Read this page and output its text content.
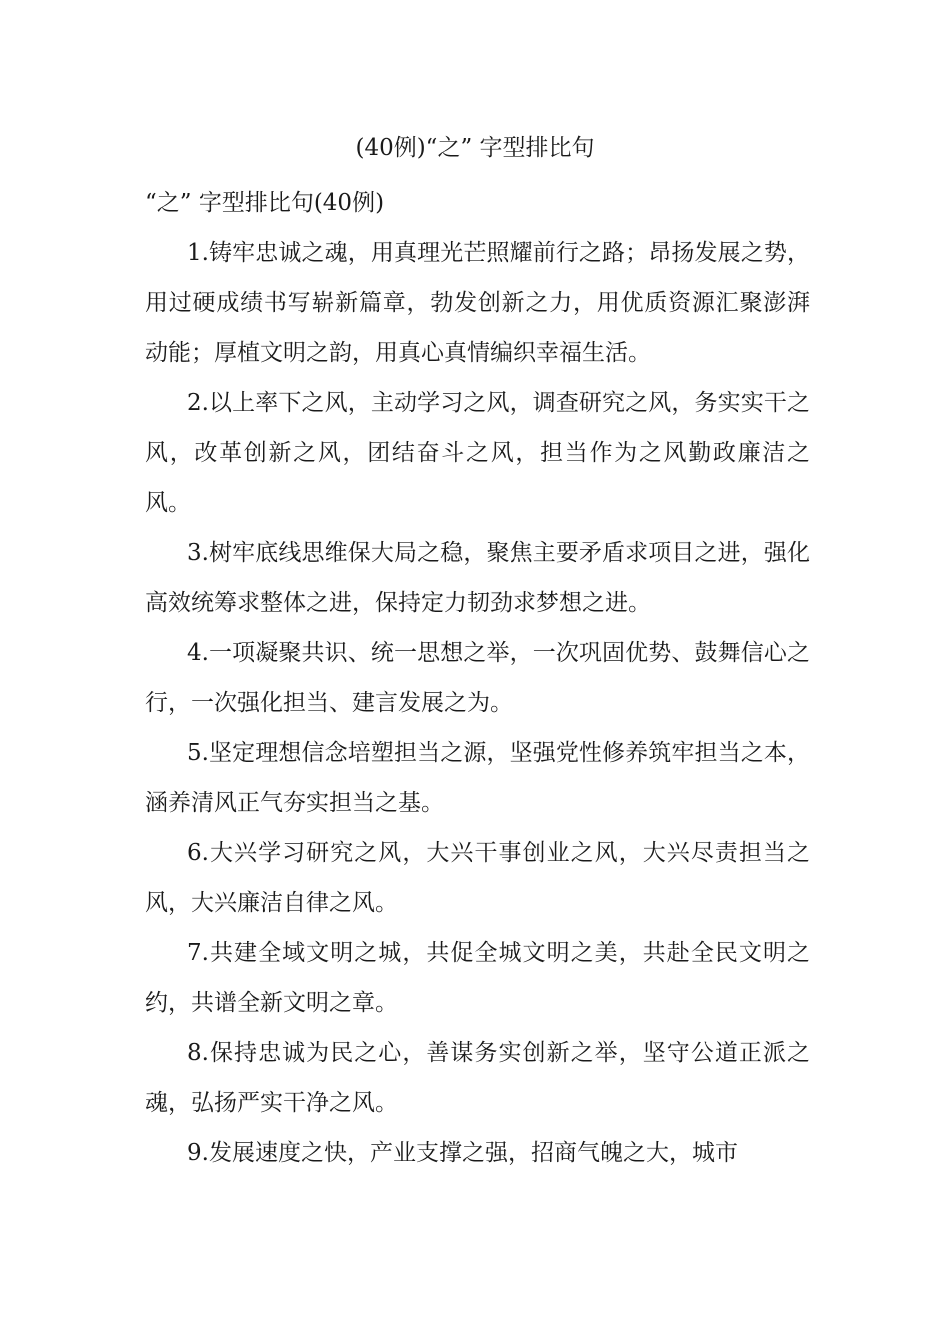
(40例)“之” 字型排比句

“之” 字型排比句(40例)

1.铸牢忠诚之魂，用真理光芒照耀前行之路；昂扬发展之势，用过硬成绩书写崭新篇章，勃发创新之力，用优质资源汇聚澎湃动能；厚植文明之韵，用真心真情编织幸福生活。

2.以上率下之风，主动学习之风，调查研究之风，务实实干之风，改革创新之风，团结奋斗之风，担当作为之风勤政廉洁之风。

3.树牢底线思维保大局之稳，聚焦主要矛盾求项目之进，强化高效统筹求整体之进，保持定力韧劲求梦想之进。

4.一项凝聚共识、统一思想之举，一次巩固优势、鼓舞信心之行，一次强化担当、建言发展之为。

5.坚定理想信念培塑担当之源，坚强党性修养筑牢担当之本，涵养清风正气夯实担当之基。

6.大兴学习研究之风，大兴干事创业之风，大兴尽责担当之风，大兴廉洁自律之风。

7.共建全域文明之城，共促全城文明之美，共赴全民文明之约，共谱全新文明之章。

8.保持忠诚为民之心，善谋务实创新之举，坚守公道正派之魂，弘扬严实干净之风。

9.发展速度之快，产业支撑之强，招商气魄之大，城市
